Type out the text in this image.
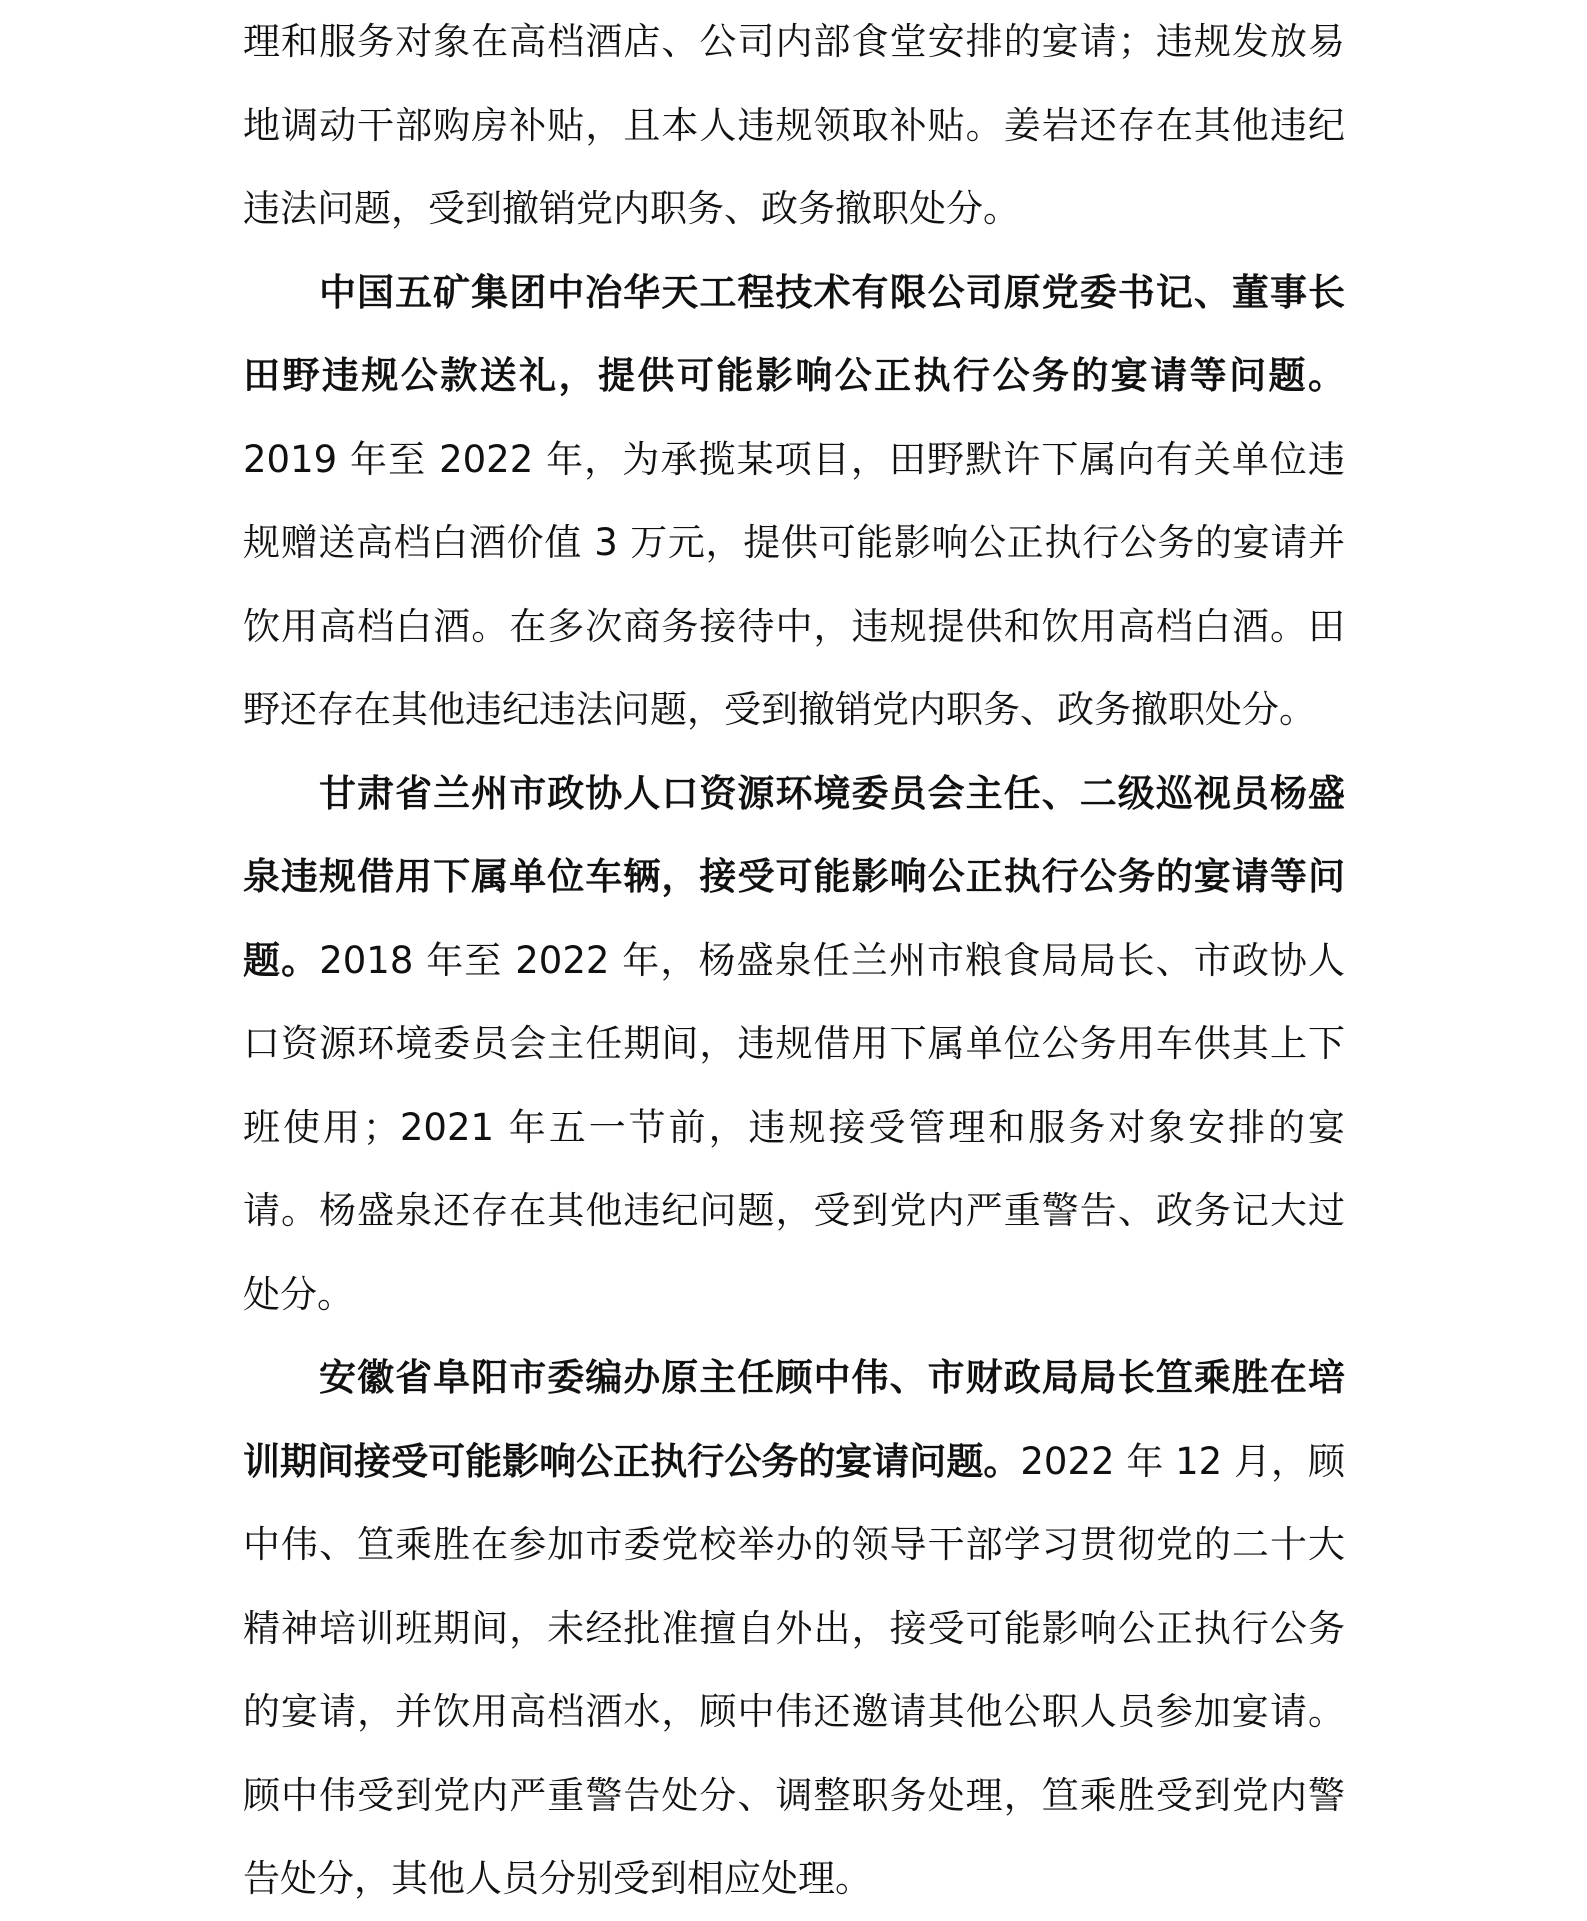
理和服务对象在高档酒店、公司内部食堂安排的宴请；违规发放易地调动干部购房补贴，且本人违规领取补贴。姜岩还存在其他违纪违法问题，受到撤销党内职务、政务撤职处分。

中国五矿集团中冶华天工程技术有限公司原党委书记、董事长田野违规公款送礼，提供可能影响公正执行公务的宴请等问题。2019 年至 2022 年，为承揽某项目，田野默许下属向有关单位违规赠送高档白酒价值 3 万元，提供可能影响公正执行公务的宴请并饮用高档白酒。在多次商务接待中，违规提供和饮用高档白酒。田野还存在其他违纪违法问题，受到撤销党内职务、政务撤职处分。

甘肃省兰州市政协人口资源环境委员会主任、二级巡视员杨盛泉违规借用下属单位车辆，接受可能影响公正执行公务的宴请等问题。2018 年至 2022 年，杨盛泉任兰州市粮食局局长、市政协人口资源环境委员会主任期间，违规借用下属单位公务用车供其上下班使用；2021 年五一节前，违规接受管理和服务对象安排的宴请。杨盛泉还存在其他违纪问题，受到党内严重警告、政务记大过处分。

安徽省阜阳市委编办原主任顾中伟、市财政局局长笪乘胜在培训期间接受可能影响公正执行公务的宴请问题。2022 年 12 月，顾中伟、笪乘胜在参加市委党校举办的领导干部学习贯彻党的二十大精神培训班期间，未经批准擅自外出，接受可能影响公正执行公务的宴请，并饮用高档酒水，顾中伟还邀请其他公职人员参加宴请。顾中伟受到党内严重警告处分、调整职务处理，笪乘胜受到党内警告处分，其他人员分别受到相应处理。
